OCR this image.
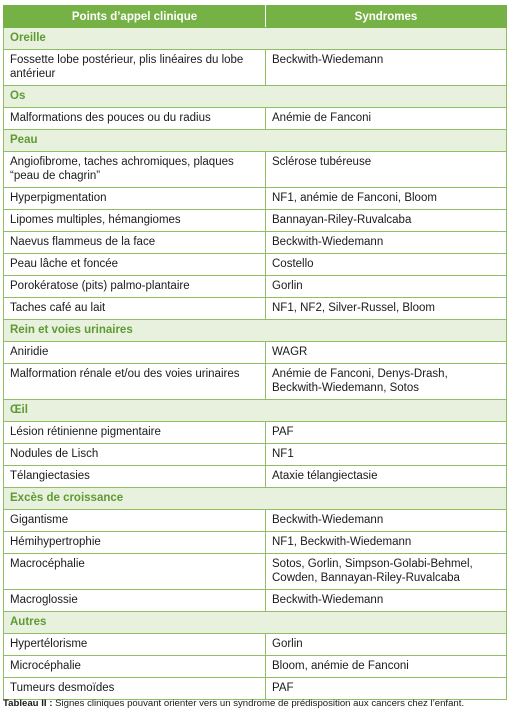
Points d’appel clinique	Syndromes
Oreille	
Fossette lobe postérieur, plis linéaires du lobe antérieur	Beckwith-Wiedemann
Os	
Malformations des pouces ou du radius	Anémie de Fanconi
Peau	
Angiofibrome, taches achromiques, plaques “peau de chagrin”	Sclérose tubéreuse
Hyperpigmentation	NF1, anémie de Fanconi, Bloom
Lipomes multiples, hémangiomes	Bannayan-Riley-Ruvalcaba
Naevus flammeus de la face	Beckwith-Wiedemann
Peau lâche et foncée	Costello
Porokératose (pits) palmo-plantaire	Gorlin
Taches café au lait	NF1, NF2, Silver-Russel, Bloom
Rein et voies urinaires	
Aniridie	WAGR
Malformation rénale et/ou des voies urinaires	Anémie de Fanconi, Denys-Drash, Beckwith-Wiedemann, Sotos
Œil	
Lésion rétinienne pigmentaire	PAF
Nodules de Lisch	NF1
Télangiectasies	Ataxie télangiectasie
Excès de croissance	
Gigantisme	Beckwith-Wiedemann
Hémihypertrophie	NF1, Beckwith-Wiedemann
Macrocéphalie	Sotos, Gorlin, Simpson-Golabi-Behmel, Cowden, Bannayan-Riley-Ruvalcaba
Macroglossie	Beckwith-Wiedemann
Autres	
Hypertélorisme	Gorlin
Microcéphalie	Bloom, anémie de Fanconi
Tumeurs desmoïdes	PAF
Tableau II : Signes cliniques pouvant orienter vers un syndrome de prédisposition aux cancers chez l’enfant.
